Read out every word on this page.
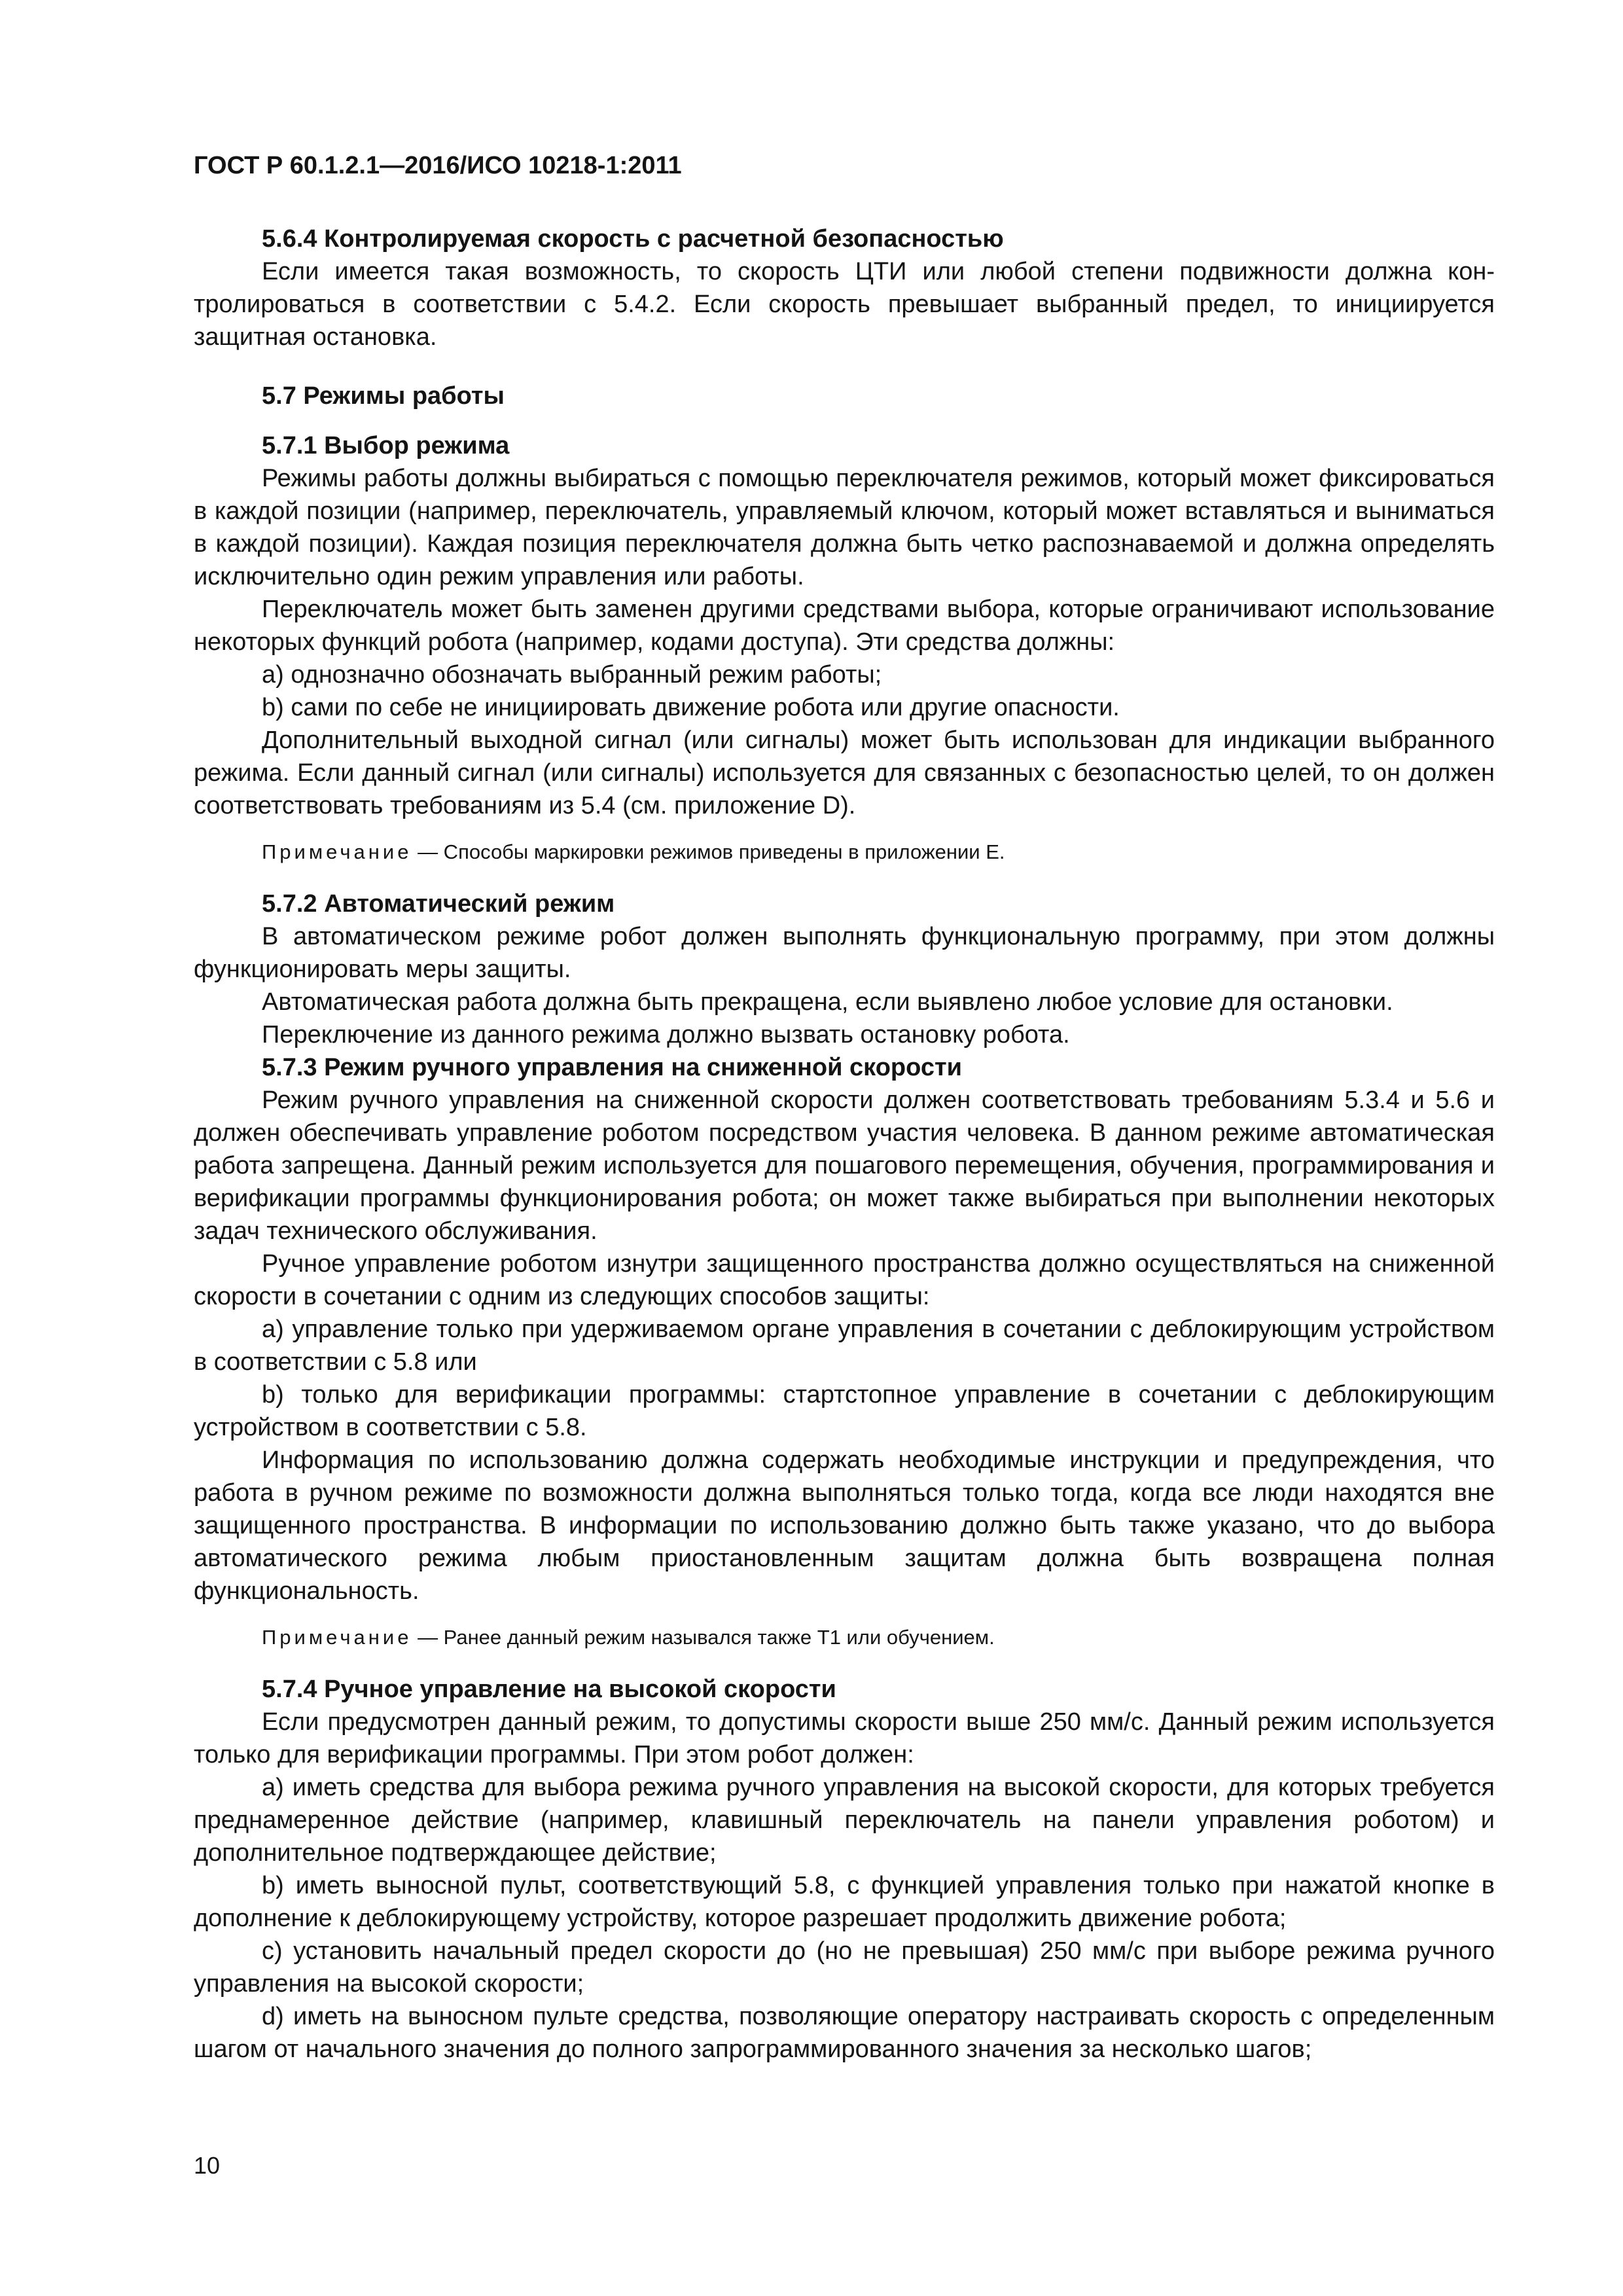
ГОСТ Р 60.1.2.1—2016/ИСО 10218-1:2011
5.6.4 Контролируемая скорость с расчетной безопасностью

Если имеется такая возможность, то скорость ЦТИ или любой степени подвижности должна контролироваться в соответствии с 5.4.2. Если скорость превышает выбранный предел, то инициируется защитная остановка.

5.7 Режимы работы
5.7.1 Выбор режима

Режимы работы должны выбираться с помощью переключателя режимов, который может фиксироваться в каждой позиции (например, переключатель, управляемый ключом, который может вставляться и выниматься в каждой позиции). Каждая позиция переключателя должна быть четко распознаваемой и должна определять исключительно один режим управления или работы.

Переключатель может быть заменен другими средствами выбора, которые ограничивают использование некоторых функций робота (например, кодами доступа). Эти средства должны:

a) однозначно обозначать выбранный режим работы;

b) сами по себе не инициировать движение робота или другие опасности.

Дополнительный выходной сигнал (или сигналы) может быть использован для индикации выбранного режима. Если данный сигнал (или сигналы) используется для связанных с безопасностью целей, то он должен соответствовать требованиям из 5.4 (см. приложение D).

Примечание — Способы маркировки режимов приведены в приложении Е.
5.7.2 Автоматический режим

В автоматическом режиме робот должен выполнять функциональную программу, при этом должны функционировать меры защиты.

Автоматическая работа должна быть прекращена, если выявлено любое условие для остановки.

Переключение из данного режима должно вызвать остановку робота.

5.7.3 Режим ручного управления на сниженной скорости

Режим ручного управления на сниженной скорости должен соответствовать требованиям 5.3.4 и 5.6 и должен обеспечивать управление роботом посредством участия человека. В данном режиме автоматическая работа запрещена. Данный режим используется для пошагового перемещения, обучения, программирования и верификации программы функционирования робота; он может также выбираться при выполнении некоторых задач технического обслуживания.

Ручное управление роботом изнутри защищенного пространства должно осуществляться на сниженной скорости в сочетании с одним из следующих способов защиты:

a) управление только при удерживаемом органе управления в сочетании с деблокирующим устройством в соответствии с 5.8 или

b) только для верификации программы: стартстопное управление в сочетании с деблокирующим устройством в соответствии с 5.8.

Информация по использованию должна содержать необходимые инструкции и предупреждения, что работа в ручном режиме по возможности должна выполняться только тогда, когда все люди находятся вне защищенного пространства. В информации по использованию должно быть также указано, что до выбора автоматического режима любым приостановленным защитам должна быть возвращена полная функциональность.

Примечание — Ранее данный режим назывался также Т1 или обучением.
5.7.4 Ручное управление на высокой скорости

Если предусмотрен данный режим, то допустимы скорости выше 250 мм/с. Данный режим используется только для верификации программы. При этом робот должен:

a) иметь средства для выбора режима ручного управления на высокой скорости, для которых требуется преднамеренное действие (например, клавишный переключатель на панели управления роботом) и дополнительное подтверждающее действие;

b) иметь выносной пульт, соответствующий 5.8, с функцией управления только при нажатой кнопке в дополнение к деблокирующему устройству, которое разрешает продолжить движение робота;

c) установить начальный предел скорости до (но не превышая) 250 мм/с при выборе режима ручного управления на высокой скорости;

d) иметь на выносном пульте средства, позволяющие оператору настраивать скорость с определенным шагом от начального значения до полного запрограммированного значения за несколько шагов;

10
